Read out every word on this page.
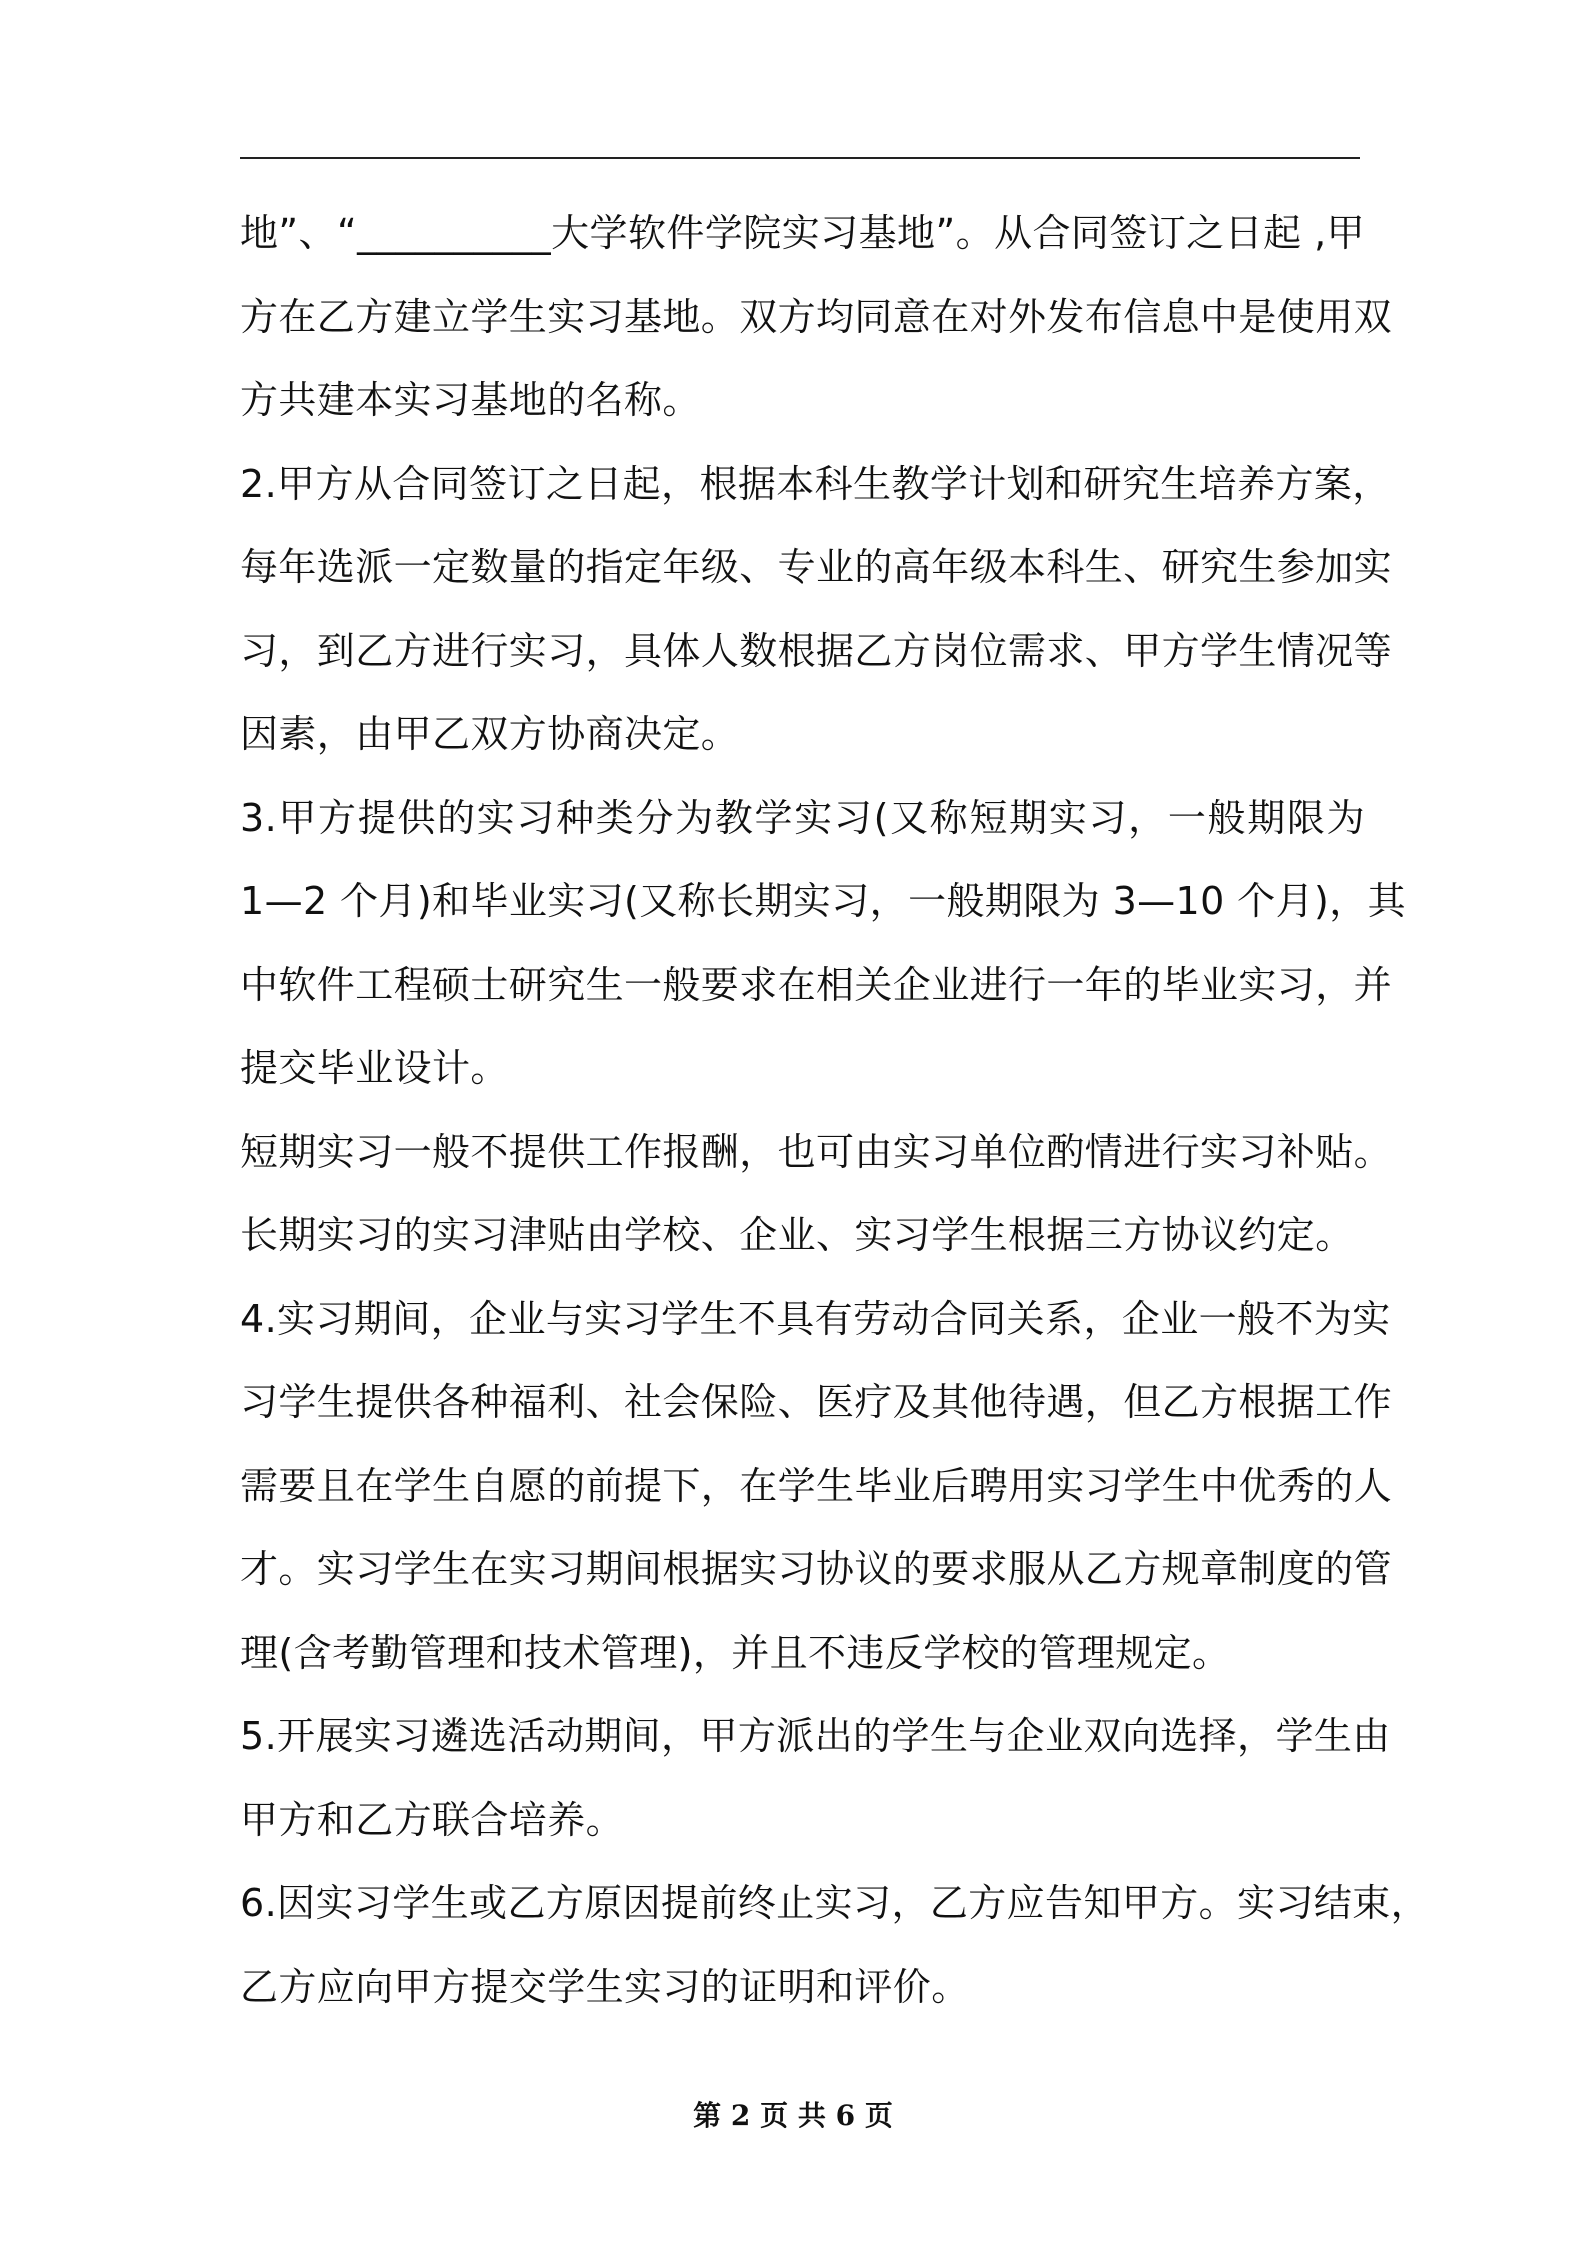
地”、“__________大学软件学院实习基地”。从合同签订之日起 ,甲
方在乙方建立学生实习基地。双方均同意在对外发布信息中是使用双
方共建本实习基地的名称。
2.甲方从合同签订之日起，根据本科生教学计划和研究生培养方案，
每年选派一定数量的指定年级、专业的高年级本科生、研究生参加实
习，到乙方进行实习，具体人数根据乙方岗位需求、甲方学生情况等
因素，由甲乙双方协商决定。
3.甲方提供的实习种类分为教学实习(又称短期实习，一般期限为
1—2 个月)和毕业实习(又称长期实习，一般期限为 3—10 个月)，其
中软件工程硕士研究生一般要求在相关企业进行一年的毕业实习，并
提交毕业设计。
短期实习一般不提供工作报酬，也可由实习单位酌情进行实习补贴。
长期实习的实习津贴由学校、企业、实习学生根据三方协议约定。
4.实习期间，企业与实习学生不具有劳动合同关系，企业一般不为实
习学生提供各种福利、社会保险、医疗及其他待遇，但乙方根据工作
需要且在学生自愿的前提下，在学生毕业后聘用实习学生中优秀的人
才。实习学生在实习期间根据实习协议的要求服从乙方规章制度的管
理(含考勤管理和技术管理)，并且不违反学校的管理规定。
5.开展实习遴选活动期间，甲方派出的学生与企业双向选择，学生由
甲方和乙方联合培养。
6.因实习学生或乙方原因提前终止实习，乙方应告知甲方。实习结束，
乙方应向甲方提交学生实习的证明和评价。
第 2 页 共 6 页
